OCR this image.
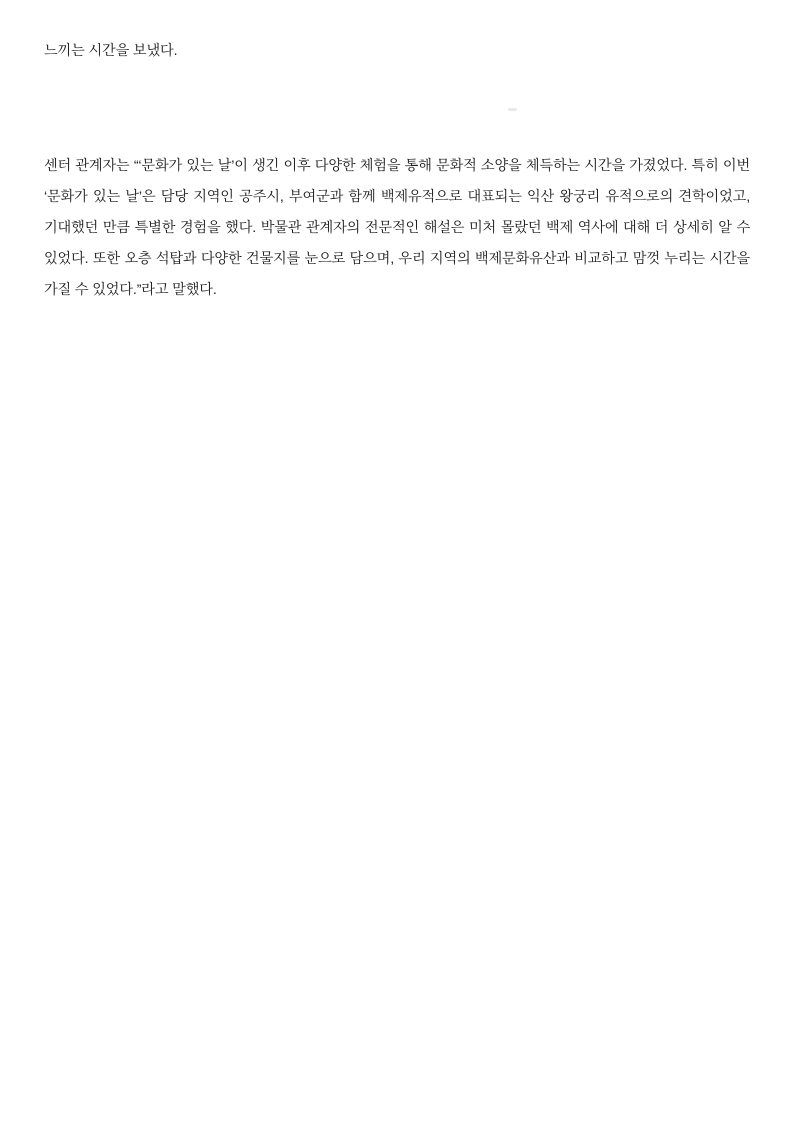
느끼는 시간을 보냈다.

센터 관계자는 “‘문화가 있는 날’이 생긴 이후 다양한 체험을 통해 문화적 소양을 체득하는 시간을 가졌었다. 특히 이번 ‘문화가 있는 날’은 담당 지역인 공주시, 부여군과 함께 백제유적으로 대표되는 익산 왕궁리 유적으로의 견학이었고, 기대했던 만큼 특별한 경험을 했다. 박물관 관계자의 전문적인 해설은 미처 몰랐던 백제 역사에 대해 더 상세히 알 수 있었다. 또한 오층 석탑과 다양한 건물지를 눈으로 담으며, 우리 지역의 백제문화유산과 비교하고 맘껏 누리는 시간을 가질 수 있었다.”라고 말했다.
